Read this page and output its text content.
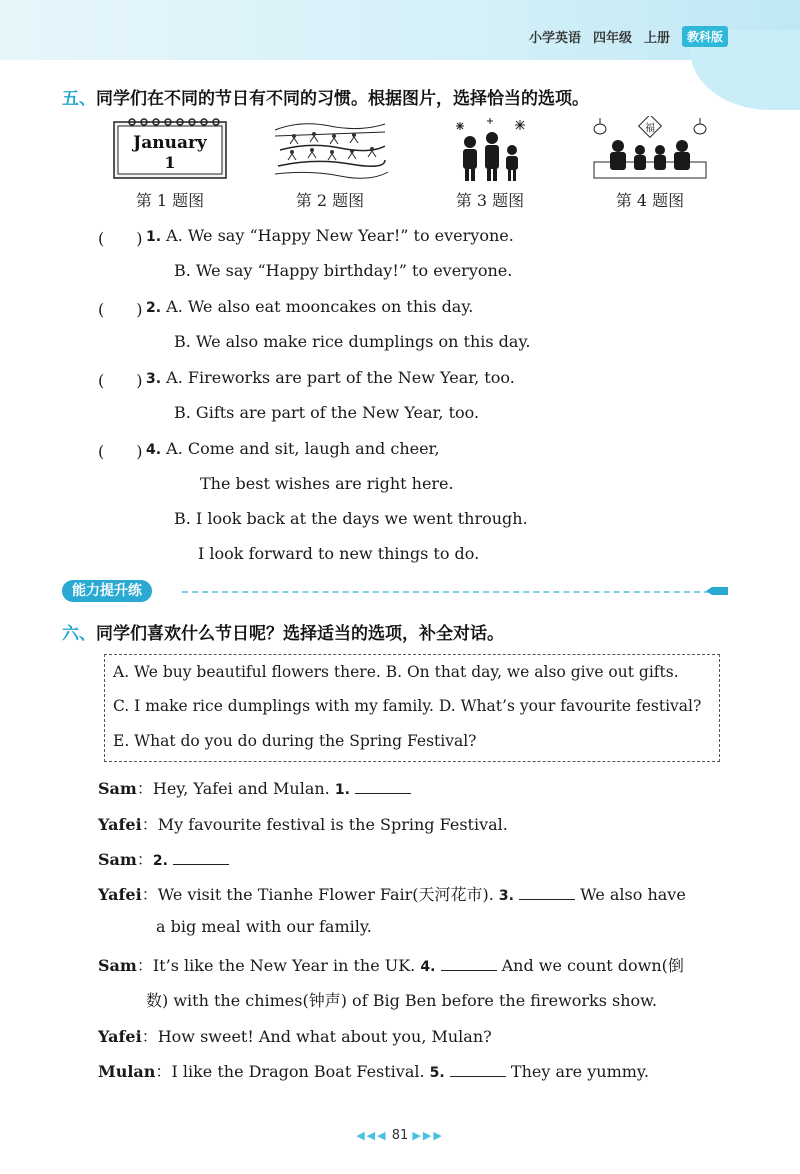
小学英语 四年级 上册	教科版
五、同学们在不同的节日有不同的习惯。根据图片，选择恰当的选项。
January
1
第 1 题图	第 2 题图	第 3 题图
福
第 4 题图
(　　) 1. A. We say “Happy New Year!” to everyone.
B. We say “Happy birthday!” to everyone.
(　　) 2. A. We also eat mooncakes on this day.
B. We also make rice dumplings on this day.
(　　) 3. A. Fireworks are part of the New Year, too.
B. Gifts are part of the New Year, too.
(　　) 4. A. Come and sit, laugh and cheer,
The best wishes are right here.
B. I look back at the days we went through.
I look forward to new things to do.
能力提升练
六、同学们喜欢什么节日呢？选择适当的选项，补全对话。
A. We buy beautiful flowers there. B. On that day, we also give out gifts.
C. I make rice dumplings with my family. D. What’s your favourite festival?
E. What do you do during the Spring Festival?
Sam：Hey, Yafei and Mulan. 1.
Yafei：My favourite festival is the Spring Festival.
Sam：2.
Yafei：We visit the Tianhe Flower Fair(天河花市). 3.	We also have
a big meal with our family.
Sam：It’s like the New Year in the UK. 4.	And we count down(倒
数) with the chimes(钟声) of Big Ben before the fireworks show.
Yafei：How sweet! And what about you, Mulan?
Mulan：I like the Dragon Boat Festival. 5.	They are yummy.
◀◀◀ 81 ▶▶▶
